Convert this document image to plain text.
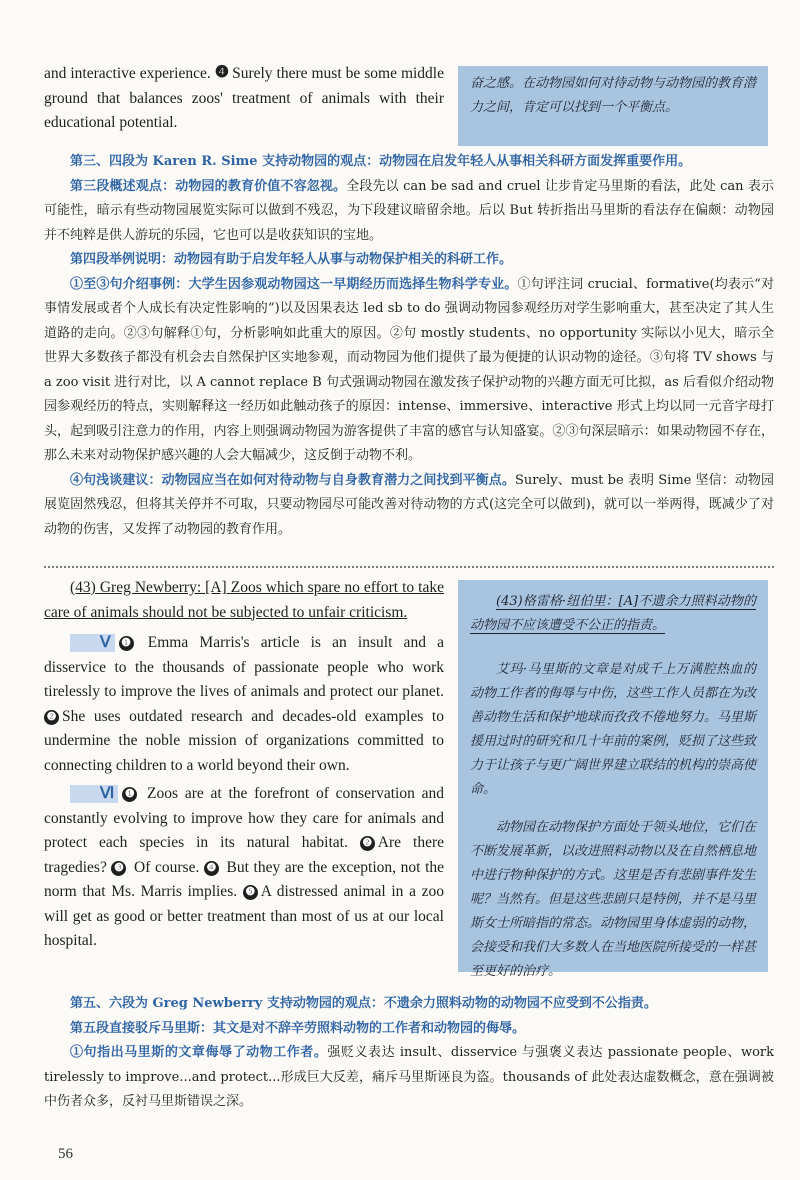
and interactive experience. ❹ Surely there must be some middle ground that balances zoos' treatment of animals with their educational potential.

奋之感。在动物园如何对待动物与动物园的教育潜力之间，肯定可以找到一个平衡点。

第三、四段为 Karen R. Sime 支持动物园的观点：动物园在启发年轻人从事相关科研方面发挥重要作用。

第三段概述观点：动物园的教育价值不容忽视。全段先以 can be sad and cruel 让步肯定马里斯的看法，此处 can 表示可能性，暗示有些动物园展览实际可以做到不残忍，为下段建议暗留余地。后以 But 转折指出马里斯的看法存在偏颇：动物园并不纯粹是供人游玩的乐园，它也可以是收获知识的宝地。

第四段举例说明：动物园有助于启发年轻人从事与动物保护相关的科研工作。

①至③句介绍事例：大学生因参观动物园这一早期经历而选择生物科学专业。①句评注词 crucial、formative(均表示“对事情发展或者个人成长有决定性影响的”)以及因果表达 led sb to do 强调动物园参观经历对学生影响重大，甚至决定了其人生道路的走向。②③句解释①句，分析影响如此重大的原因。②句 mostly students、no opportunity 实际以小见大，暗示全世界大多数孩子都没有机会去自然保护区实地参观，而动物园为他们提供了最为便捷的认识动物的途径。③句将 TV shows 与 a zoo visit 进行对比，以 A cannot replace B 句式强调动物园在激发孩子保护动物的兴趣方面无可比拟，as 后看似介绍动物园参观经历的特点，实则解释这一经历如此触动孩子的原因：intense、immersive、interactive 形式上均以同一元音字母打头，起到吸引注意力的作用，内容上则强调动物园为游客提供了丰富的感官与认知盛宴。②③句深层暗示：如果动物园不存在，那么未来对动物保护感兴趣的人会大幅减少，这反倒于动物不利。

④句浅谈建议：动物园应当在如何对待动物与自身教育潜力之间找到平衡点。Surely、must be 表明 Sime 坚信：动物园展览固然残忍，但将其关停并不可取，只要动物园尽可能改善对待动物的方式(这完全可以做到)，就可以一举两得，既减少了对动物的伤害，又发挥了动物园的教育作用。

(43) Greg Newberry: [A] Zoos which spare no effort to take care of animals should not be subjected to unfair criticism.

Ⅴ ❶ Emma Marris's article is an insult and a disservice to the thousands of passionate people who work tirelessly to improve the lives of animals and protect our planet. ❷ She uses outdated research and decades-old examples to undermine the noble mission of organizations committed to connecting children to a world beyond their own.

Ⅵ ❶ Zoos are at the forefront of conservation and constantly evolving to improve how they care for animals and protect each species in its natural habitat. ❷ Are there tragedies? ❸ Of course. ❹ But they are the exception, not the norm that Ms. Marris implies. ❺ A distressed animal in a zoo will get as good or better treatment than most of us at our local hospital.

(43)格雷格·纽伯里：[A]不遗余力照料动物的动物园不应该遭受不公正的指责。

艾玛·马里斯的文章是对成千上万满腔热血的动物工作者的侮辱与中伤，这些工作人员都在为改善动物生活和保护地球而孜孜不倦地努力。马里斯援用过时的研究和几十年前的案例，贬损了这些致力于让孩子与更广阔世界建立联结的机构的崇高使命。

动物园在动物保护方面处于领头地位，它们在不断发展革新，以改进照料动物以及在自然栖息地中进行物种保护的方式。这里是否有悲剧事件发生呢？当然有。但是这些悲剧只是特例，并不是马里斯女士所暗指的常态。动物园里身体虚弱的动物，会接受和我们大多数人在当地医院所接受的一样甚至更好的治疗。

第五、六段为 Greg Newberry 支持动物园的观点：不遗余力照料动物的动物园不应受到不公指责。

第五段直接驳斥马里斯：其文是对不辞辛劳照料动物的工作者和动物园的侮辱。

①句指出马里斯的文章侮辱了动物工作者。强贬义表达 insult、disservice 与强褒义表达 passionate people、work tirelessly to improve...and protect...形成巨大反差，痛斥马里斯诬良为盗。thousands of 此处表达虚数概念，意在强调被中伤者众多，反衬马里斯错误之深。

56
